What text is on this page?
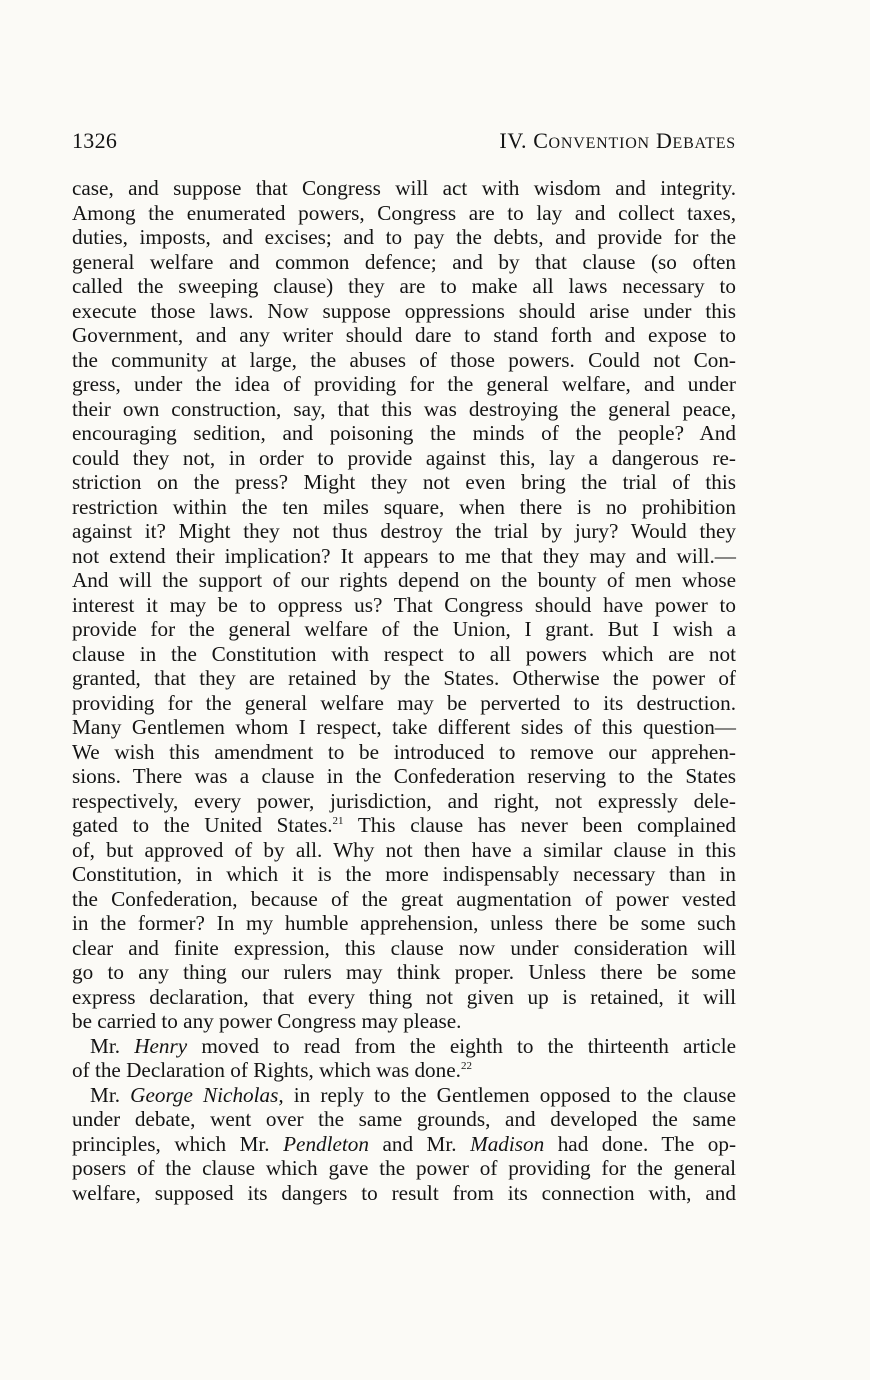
1326	IV. CONVENTION DEBATES
case, and suppose that Congress will act with wisdom and integrity.
Among the enumerated powers, Congress are to lay and collect taxes,
duties, imposts, and excises; and to pay the debts, and provide for the
general welfare and common defence; and by that clause (so often
called the sweeping clause) they are to make all laws necessary to
execute those laws. Now suppose oppressions should arise under this
Government, and any writer should dare to stand forth and expose to
the community at large, the abuses of those powers. Could not Con-
gress, under the idea of providing for the general welfare, and under
their own construction, say, that this was destroying the general peace,
encouraging sedition, and poisoning the minds of the people? And
could they not, in order to provide against this, lay a dangerous re-
striction on the press? Might they not even bring the trial of this
restriction within the ten miles square, when there is no prohibition
against it? Might they not thus destroy the trial by jury? Would they
not extend their implication? It appears to me that they may and will.—
And will the support of our rights depend on the bounty of men whose
interest it may be to oppress us? That Congress should have power to
provide for the general welfare of the Union, I grant. But I wish a
clause in the Constitution with respect to all powers which are not
granted, that they are retained by the States. Otherwise the power of
providing for the general welfare may be perverted to its destruction.
Many Gentlemen whom I respect, take different sides of this question—
We wish this amendment to be introduced to remove our apprehen-
sions. There was a clause in the Confederation reserving to the States
respectively, every power, jurisdiction, and right, not expressly dele-
gated to the United States.$^{21}$ This clause has never been complained
of, but approved of by all. Why not then have a similar clause in this
Constitution, in which it is the more indispensably necessary than in
the Confederation, because of the great augmentation of power vested
in the former? In my humble apprehension, unless there be some such
clear and finite expression, this clause now under consideration will
go to any thing our rulers may think proper. Unless there be some
express declaration, that every thing not given up is retained, it will
be carried to any power Congress may please.
Mr. Henry moved to read from the eighth to the thirteenth article
of the Declaration of Rights, which was done.$^{22}$
Mr. George Nicholas, in reply to the Gentlemen opposed to the clause
under debate, went over the same grounds, and developed the same
principles, which Mr. Pendleton and Mr. Madison had done. The op-
posers of the clause which gave the power of providing for the general
welfare, supposed its dangers to result from its connection with, and
